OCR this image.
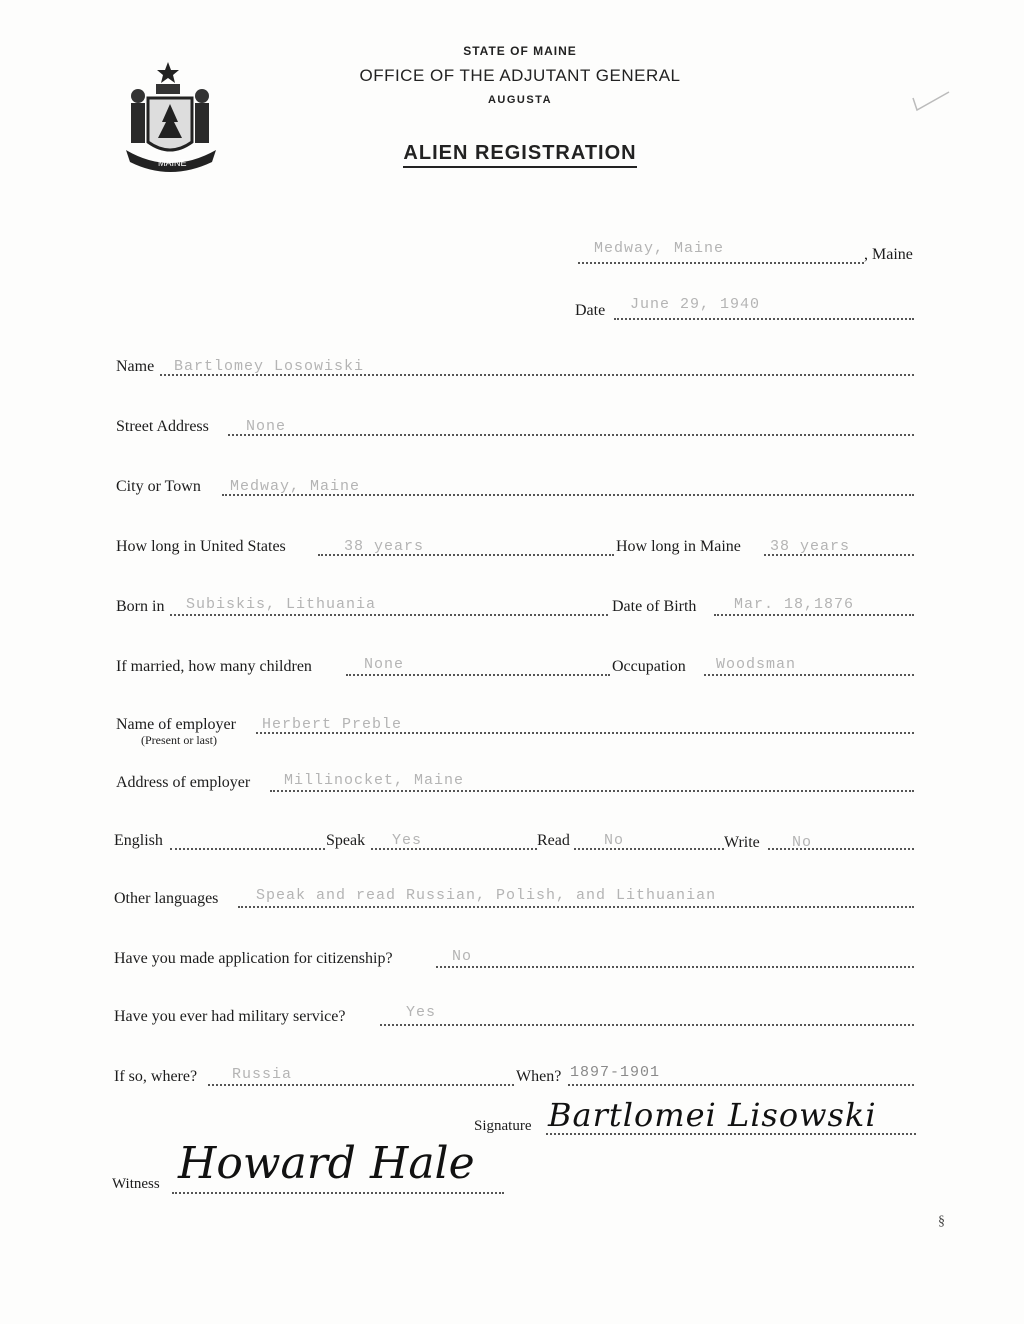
MAINE
STATE OF MAINE
OFFICE OF THE ADJUTANT GENERAL
AUGUSTA
ALIEN REGISTRATION
Medway, Maine	, Maine
Date June 29, 1940
Name Bartlomey Losowiski
Street Address None
City or Town Medway, Maine
How long in United States	38 years	How long in Maine 38 years
Born in Subiskis, Lithuania	Date of Birth	Mar. 18,1876
If married, how many children	None	Occupation Woodsman
Name of employer
(Present or last)
Herbert Preble
Address of employer Millinocket, Maine
English	Speak Yes	Read No	Write No
Other languages	Speak and read Russian, Polish, and Lithuanian
Have you made application for citizenship?	No
Have you ever had military service?	Yes
If so, where? Russia	When? 1897-1901
Signature Bartlomei Lisowski
Witness Howard Hale
§
